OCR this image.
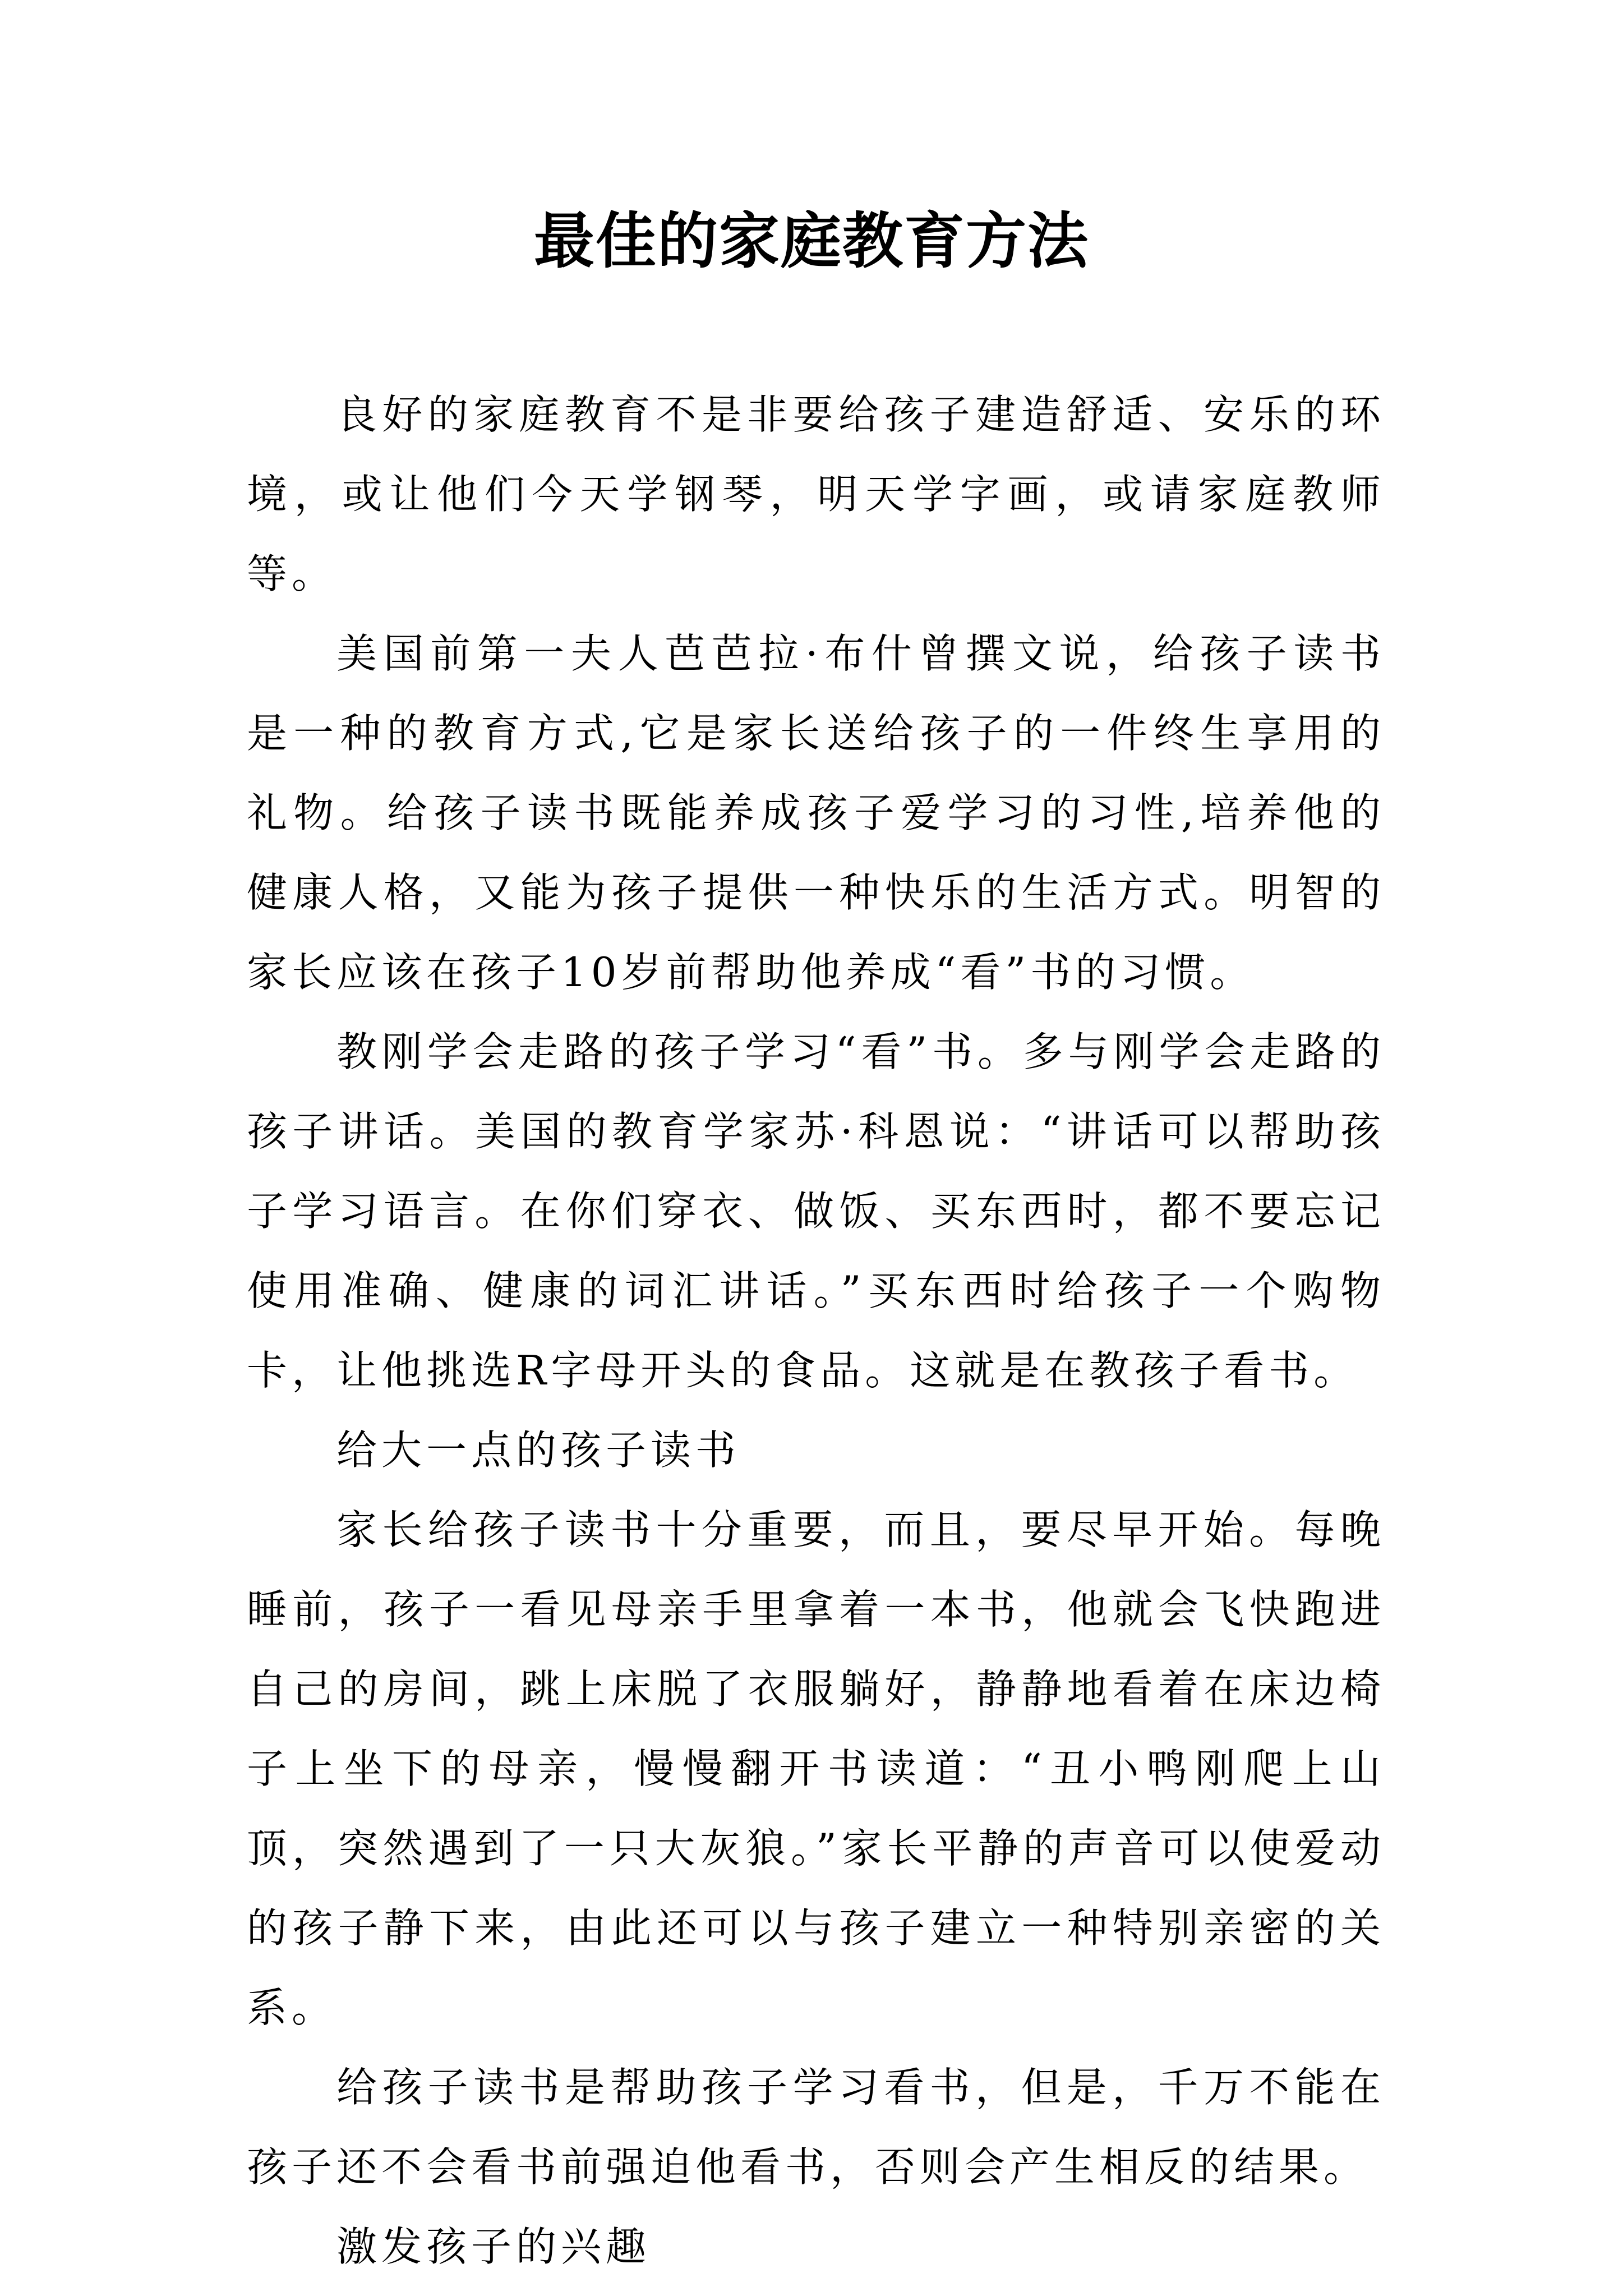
最佳的家庭教育方法

良好的家庭教育不是非要给孩子建造舒适、安乐的环境，或让他们今天学钢琴，明天学字画，或请家庭教师等。

美国前第一夫人芭芭拉·布什曾撰文说，给孩子读书是一种的教育方式,它是家长送给孩子的一件终生享用的礼物。给孩子读书既能养成孩子爱学习的习性,培养他的健康人格，又能为孩子提供一种快乐的生活方式。明智的家长应该在孩子10岁前帮助他养成“看”书的习惯。

教刚学会走路的孩子学习“看”书。多与刚学会走路的孩子讲话。美国的教育学家苏·科恩说：“讲话可以帮助孩子学习语言。在你们穿衣、做饭、买东西时，都不要忘记使用准确、健康的词汇讲话。”买东西时给孩子一个购物卡，让他挑选R字母开头的食品。这就是在教孩子看书。

给大一点的孩子读书

家长给孩子读书十分重要，而且，要尽早开始。每晚睡前，孩子一看见母亲手里拿着一本书，他就会飞快跑进自己的房间，跳上床脱了衣服躺好，静静地看着在床边椅子上坐下的母亲，慢慢翻开书读道：“丑小鸭刚爬上山顶，突然遇到了一只大灰狼。”家长平静的声音可以使爱动的孩子静下来，由此还可以与孩子建立一种特别亲密的关系。

给孩子读书是帮助孩子学习看书，但是，千万不能在孩子还不会看书前强迫他看书，否则会产生相反的结果。

激发孩子的兴趣
